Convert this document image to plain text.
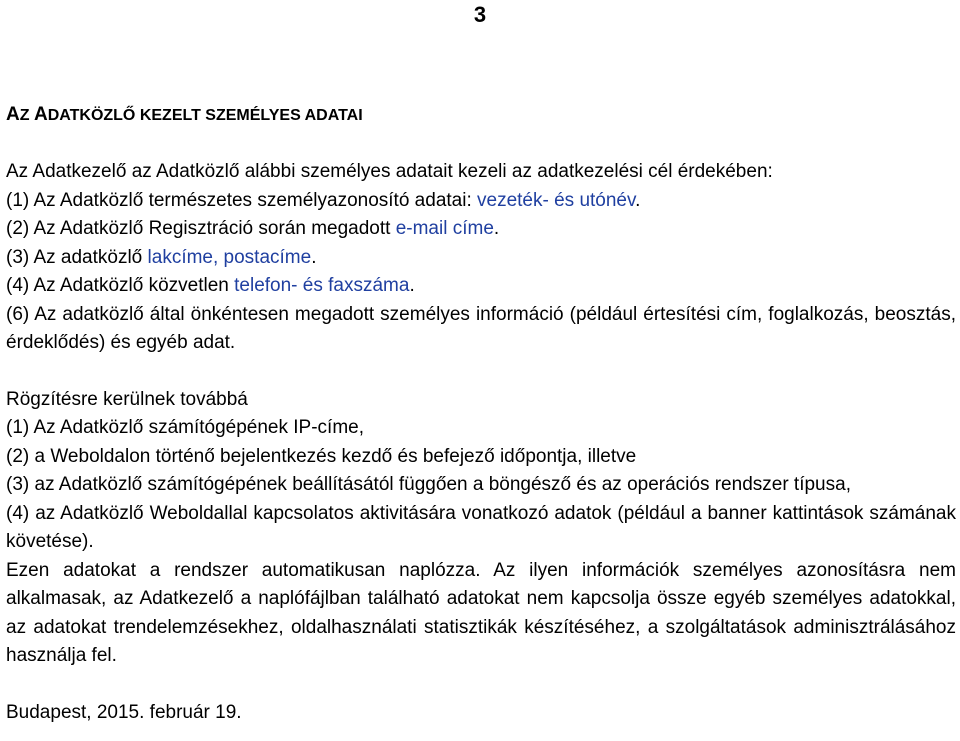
3
AZ ADATKÖZLŐ KEZELT SZEMÉLYES ADATAI
Az Adatkezelő az Adatközlő alábbi személyes adatait kezeli az adatkezelési cél érdekében:
(1) Az Adatközlő természetes személyazonosító adatai: vezeték- és utónév.
(2) Az Adatközlő Regisztráció során megadott e-mail címe.
(3) Az adatközlő lakcíme, postacíme.
(4) Az Adatközlő közvetlen telefon- és faxszáma.
(6) Az adatközlő által önkéntesen megadott személyes információ (például értesítési cím, foglalkozás, beosztás, érdeklődés) és egyéb adat.
Rögzítésre kerülnek továbbá
(1) Az Adatközlő számítógépének IP-címe,
(2) a Weboldalon történő bejelentkezés kezdő és befejező időpontja, illetve
(3) az Adatközlő számítógépének beállításától függően a böngésző és az operációs rendszer típusa,
(4) az Adatközlő Weboldallal kapcsolatos aktivitására vonatkozó adatok (például a banner kattintások számának követése).
Ezen adatokat a rendszer automatikusan naplózza. Az ilyen információk személyes azonosításra nem alkalmasak, az Adatkezelő a naplófájlban található adatokat nem kapcsolja össze egyéb személyes adatokkal, az adatokat trendelemzésekhez, oldalhasználati statisztikák készítéséhez, a szolgáltatások adminisztrálásához használja fel.
Budapest, 2015. február 19.
